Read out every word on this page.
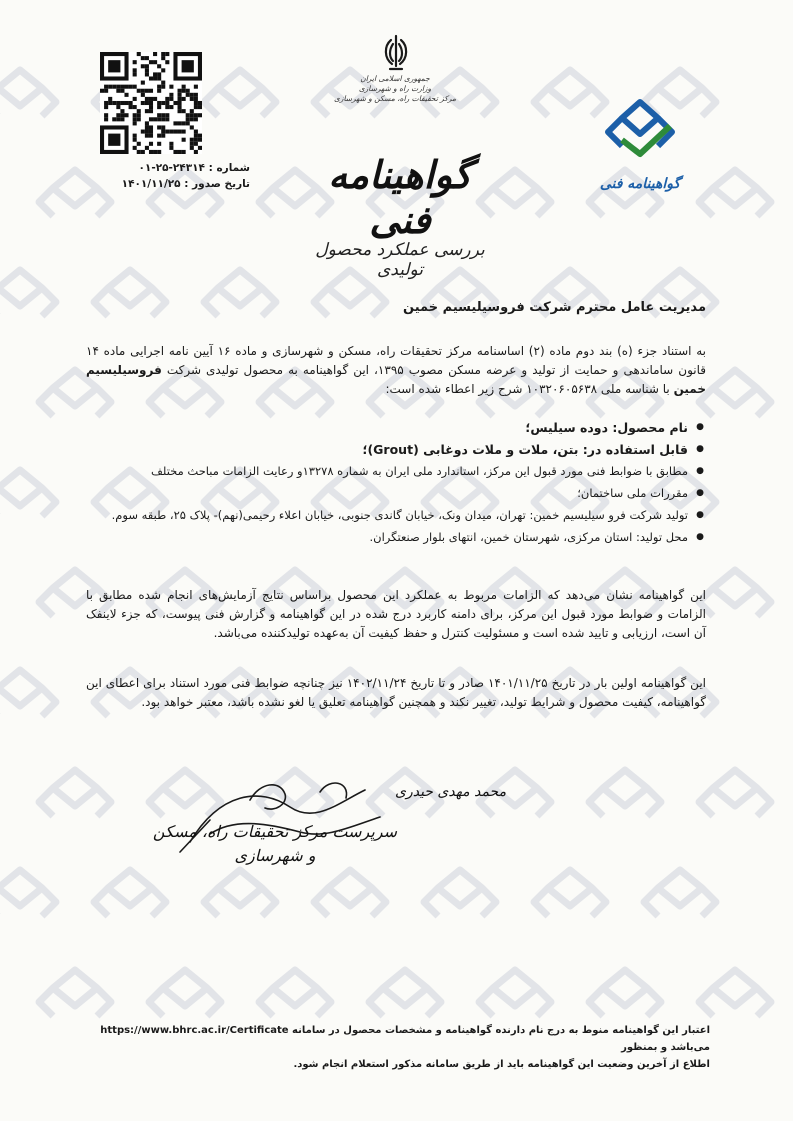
شماره : ۲۴۳۱۴-۲۵-۰۱
تاریخ صدور : ۱۴۰۱/۱۱/۲۵
جمهوری اسلامی ایران
وزارت راه و شهرسازی
مرکز تحقیقات راه، مسکن و شهرسازی
گواهینامه فنی
بررسی عملکرد محصول تولیدی
گواهینامه فنی
مدیریت عامل محترم شرکت فروسیلیسیم خمین
به استناد جزء (ه) بند دوم ماده (۲) اساسنامه مرکز تحقیقات راه، مسکن و شهرسازی و ماده ۱۶ آیین نامه اجرایی ماده ۱۴ قانون ساماندهی و حمایت از تولید و عرضه مسکن مصوب ۱۳۹۵، این گواهینامه به محصول تولیدی شرکت فروسیلیسیم خمین با شناسه ملی ۱۰۳۲۰۶۰۵۶۳۸ شرح زیر اعطاء شده است:
● نام محصول: دوده سیلیس؛
● قابل استفاده در: بتن، ملات و ملات دوغابی (Grout)؛
● مطابق با ضوابط فنی مورد قبول این مرکز، استاندارد ملی ایران به شماره ۱۳۲۷۸و رعایت الزامات مباحث مختلف
● مقررات ملی ساختمان؛
● تولید شرکت فرو سیلیسیم خمین: تهران، میدان ونک، خیابان گاندی جنوبی، خیابان اعلاء رحیمی(نهم)- پلاک ۲۵، طبقه سوم.
● محل تولید: استان مرکزی، شهرستان خمین، انتهای بلوار صنعتگران.
این گواهینامه نشان می‌دهد که الزامات مربوط به عملکرد این محصول براساس نتایج آزمایش‌های انجام شده مطابق با الزامات و ضوابط مورد قبول این مرکز، برای دامنه کاربرد درج شده در این گواهینامه و گزارش فنی پیوست، که جزء لاینفک آن است، ارزیابی و تایید شده است و مسئولیت کنترل و حفظ کیفیت آن به‌عهده تولیدکننده می‌باشد.
این گواهینامه اولین بار در تاریخ ۱۴۰۱/۱۱/۲۵ صادر و تا تاریخ ۱۴۰۲/۱۱/۲۴ نیز چنانچه ضوابط فنی مورد استناد برای اعطای این گواهینامه، کیفیت محصول و شرایط تولید، تغییر نکند و همچنین گواهینامه تعلیق یا لغو نشده باشد، معتبر خواهد بود.
محمد مهدی حیدری
سرپرست مرکز تحقیقات راه، مسکن و شهرسازی
اعتبار این گواهینامه منوط به درج نام دارنده گواهینامه و مشخصات محصول در سامانه https://www.bhrc.ac.ir/Certificate می‌باشد و بمنظور
اطلاع از آخرین وضعیت این گواهینامه باید از طریق سامانه مذکور استعلام انجام شود.
